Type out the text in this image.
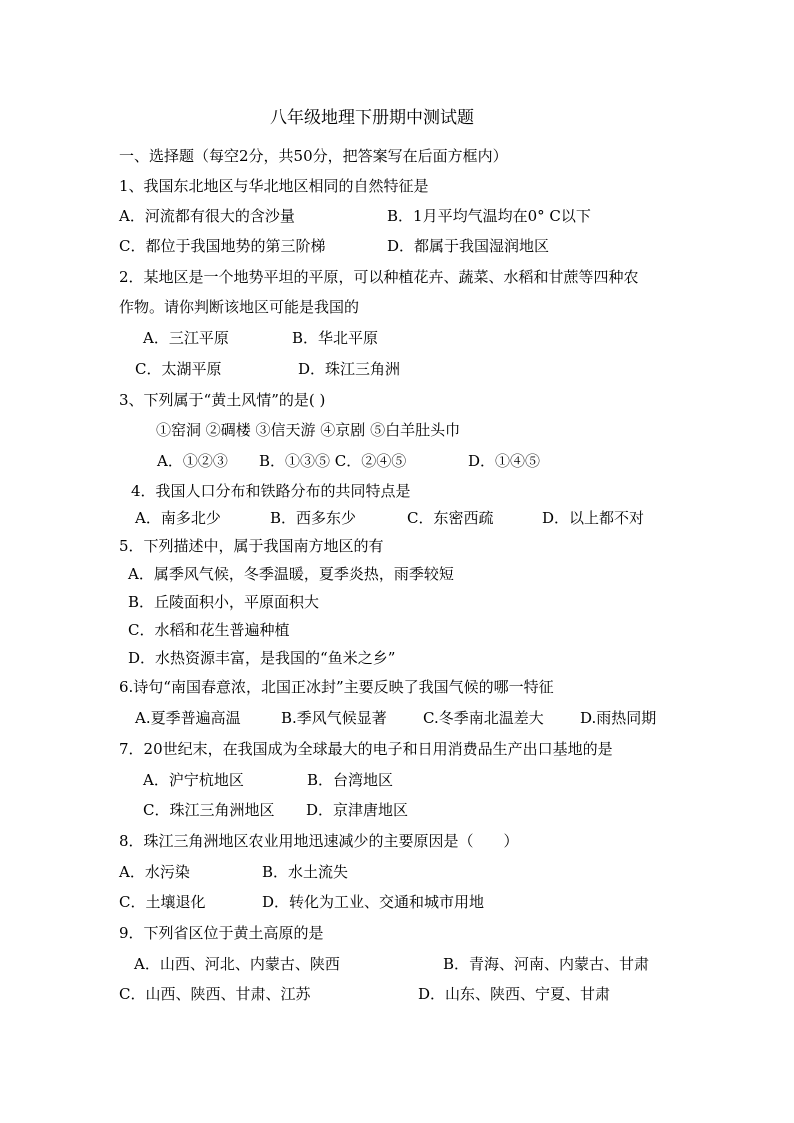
八年级地理下册期中测试题
一、选择题（每空2分，共50分，把答案写在后面方框内）
1、我国东北地区与华北地区相同的自然特征是
A．河流都有很大的含沙量	B．1月平均气温均在0° C以下
C．都位于我国地势的第三阶梯	D．都属于我国湿润地区
2．某地区是一个地势平坦的平原，可以种植花卉、蔬菜、水稻和甘蔗等四种农
作物。请你判断该地区可能是我国的
A．三江平原	B．华北平原
C．太湖平原	D．珠江三角洲
3、下列属于“黄土风情”的是( )
①窑洞 ②碉楼 ③信天游 ④京剧 ⑤白羊肚头巾
A．①②③ B．①③⑤ C．②④⑤	D．①④⑤
4．我国人口分布和铁路分布的共同特点是
A．南多北少	B．西多东少	C．东密西疏	D．以上都不对
5．下列描述中，属于我国南方地区的有
A．属季风气候，冬季温暖，夏季炎热，雨季较短
B．丘陵面积小，平原面积大
C．水稻和花生普遍种植
D．水热资源丰富，是我国的“鱼米之乡”
6.诗句“南国春意浓，北国正冰封”主要反映了我国气候的哪一特征
A.夏季普遍高温	B.季风气候显著 C.冬季南北温差大 D.雨热同期
7．20世纪末，在我国成为全球最大的电子和日用消费品生产出口基地的是
A．沪宁杭地区	B．台湾地区
C．珠江三角洲地区 D．京津唐地区
8．珠江三角洲地区农业用地迅速减少的主要原因是（　　）
A．水污染	B．水土流失
C．土壤退化	D．转化为工业、交通和城市用地
9．下列省区位于黄土高原的是
A．山西、河北、内蒙古、陕西	B．青海、河南、内蒙古、甘肃
C．山西、陕西、甘肃、江苏	D．山东、陕西、宁夏、甘肃
